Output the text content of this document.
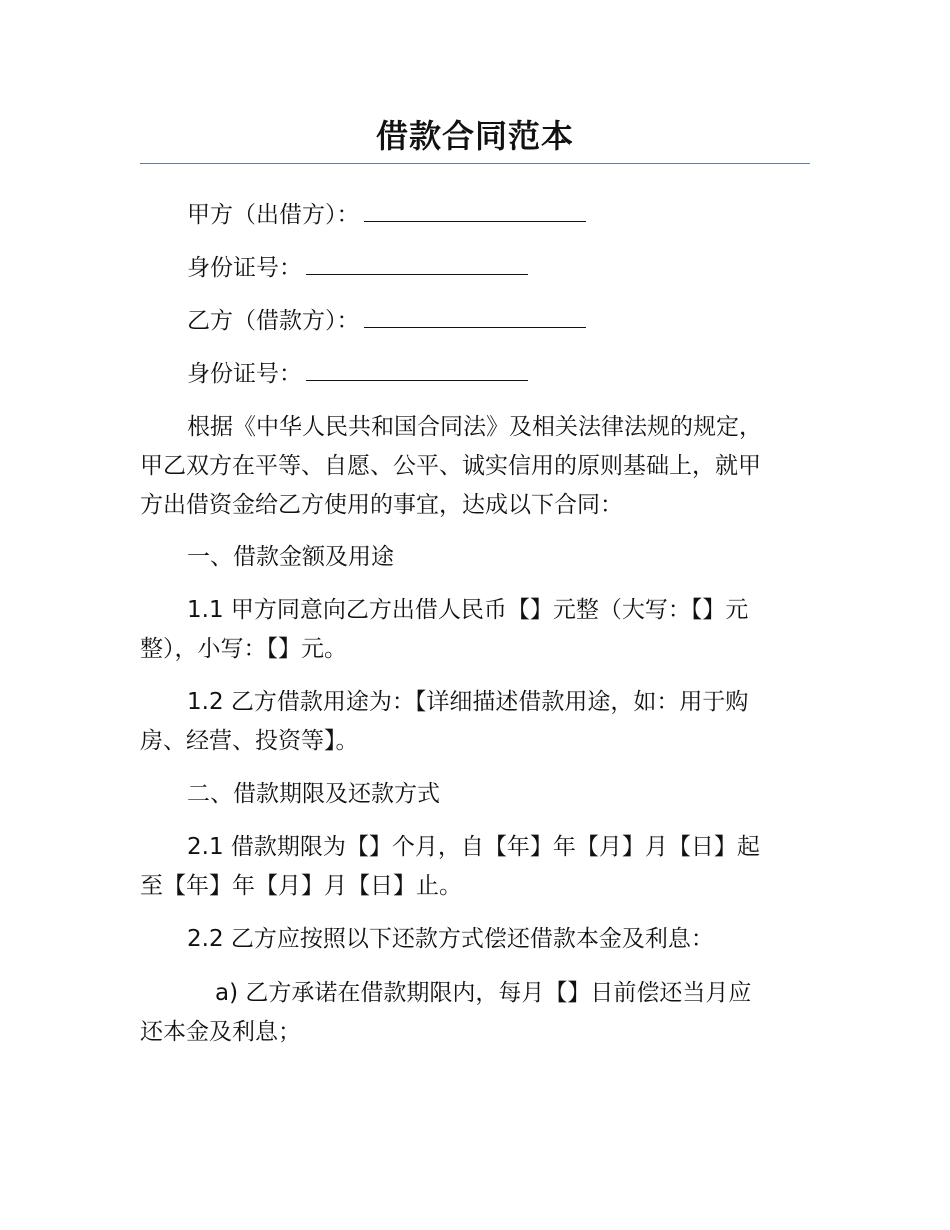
借款合同范本
甲方（出借方）：
身份证号：
乙方（借款方）：
身份证号：
根据《中华人民共和国合同法》及相关法律法规的规定，
甲乙双方在平等、自愿、公平、诚实信用的原则基础上，就甲
方出借资金给乙方使用的事宜，达成以下合同：
一、借款金额及用途
1.1 甲方同意向乙方出借人民币【】元整（大写：【】元
整），小写：【】元。
1.2 乙方借款用途为：【详细描述借款用途，如：用于购
房、经营、投资等】。
二、借款期限及还款方式
2.1 借款期限为【】个月，自【年】年【月】月【日】起
至【年】年【月】月【日】止。
2.2 乙方应按照以下还款方式偿还借款本金及利息：
a) 乙方承诺在借款期限内，每月【】日前偿还当月应
还本金及利息；
